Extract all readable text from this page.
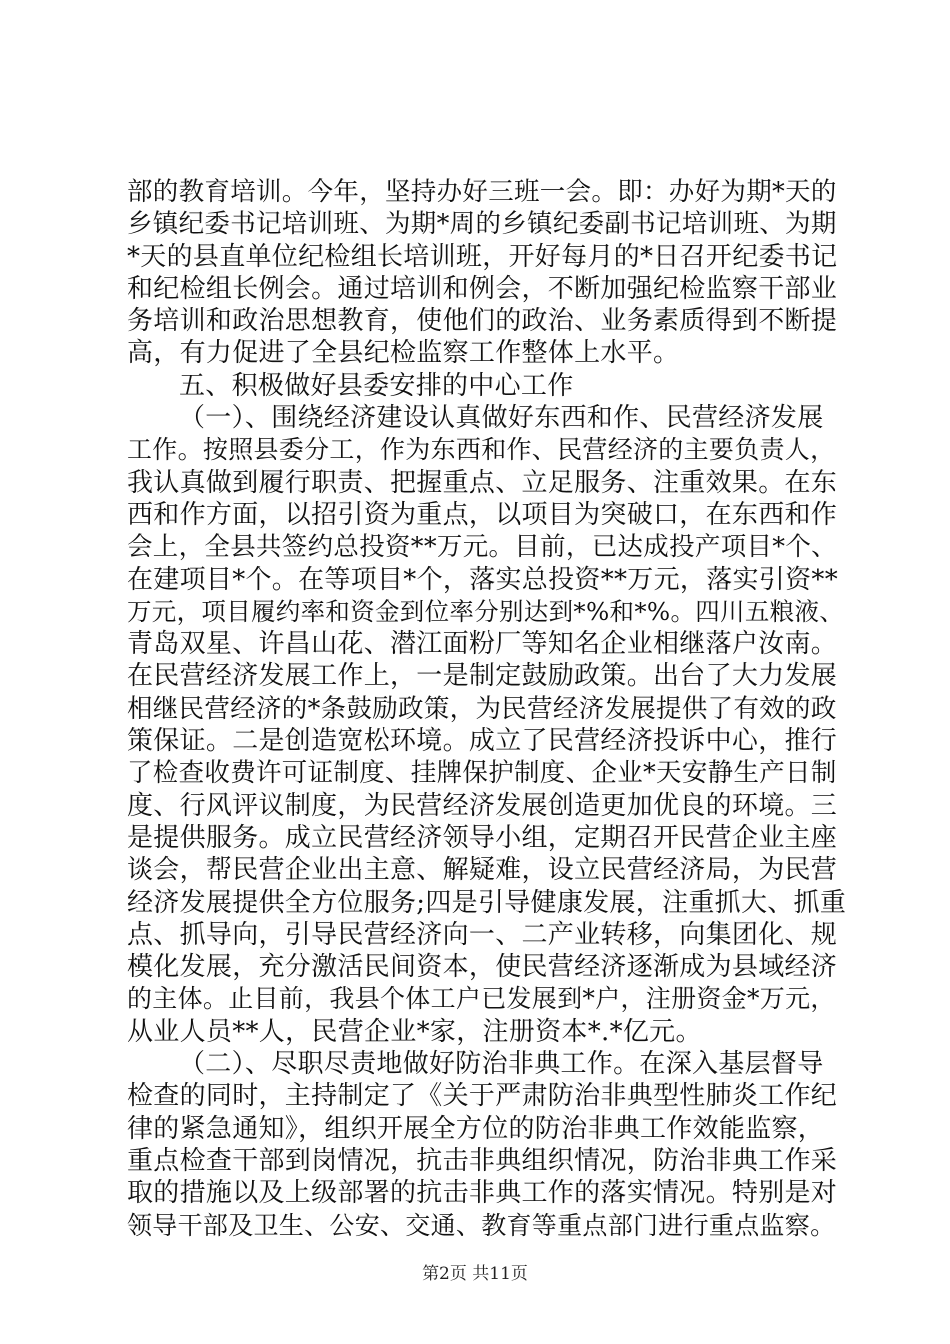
部的教育培训。今年，坚持办好三班一会。即：办好为期*天的
乡镇纪委书记培训班、为期*周的乡镇纪委副书记培训班、为期
*天的县直单位纪检组长培训班，开好每月的*日召开纪委书记
和纪检组长例会。通过培训和例会，不断加强纪检监察干部业
务培训和政治思想教育，使他们的政治、业务素质得到不断提
高，有力促进了全县纪检监察工作整体上水平。
五、积极做好县委安排的中心工作
（一）、围绕经济建设认真做好东西和作、民营经济发展
工作。按照县委分工，作为东西和作、民营经济的主要负责人，
我认真做到履行职责、把握重点、立足服务、注重效果。在东
西和作方面，以招引资为重点，以项目为突破口，在东西和作
会上，全县共签约总投资**万元。目前，已达成投产项目*个、
在建项目*个。在等项目*个，落实总投资**万元，落实引资**
万元，项目履约率和资金到位率分别达到*%和*%。四川五粮液、
青岛双星、许昌山花、潜江面粉厂等知名企业相继落户汝南。
在民营经济发展工作上，一是制定鼓励政策。出台了大力发展
相继民营经济的*条鼓励政策，为民营经济发展提供了有效的政
策保证。二是创造宽松环境。成立了民营经济投诉中心，推行
了检查收费许可证制度、挂牌保护制度、企业*天安静生产日制
度、行风评议制度，为民营经济发展创造更加优良的环境。三
是提供服务。成立民营经济领导小组，定期召开民营企业主座
谈会，帮民营企业出主意、解疑难，设立民营经济局，为民营
经济发展提供全方位服务;四是引导健康发展，注重抓大、抓重
点、抓导向，引导民营经济向一、二产业转移，向集团化、规
模化发展，充分激活民间资本，使民营经济逐渐成为县域经济
的主体。止目前，我县个体工户已发展到*户，注册资金*万元，
从业人员**人，民营企业*家，注册资本*.*亿元。
（二）、尽职尽责地做好防治非典工作。在深入基层督导
检查的同时，主持制定了《关于严肃防治非典型性肺炎工作纪
律的紧急通知》，组织开展全方位的防治非典工作效能监察，
重点检查干部到岗情况，抗击非典组织情况，防治非典工作采
取的措施以及上级部署的抗击非典工作的落实情况。特别是对
领导干部及卫生、公安、交通、教育等重点部门进行重点监察。
第2页 共11页
